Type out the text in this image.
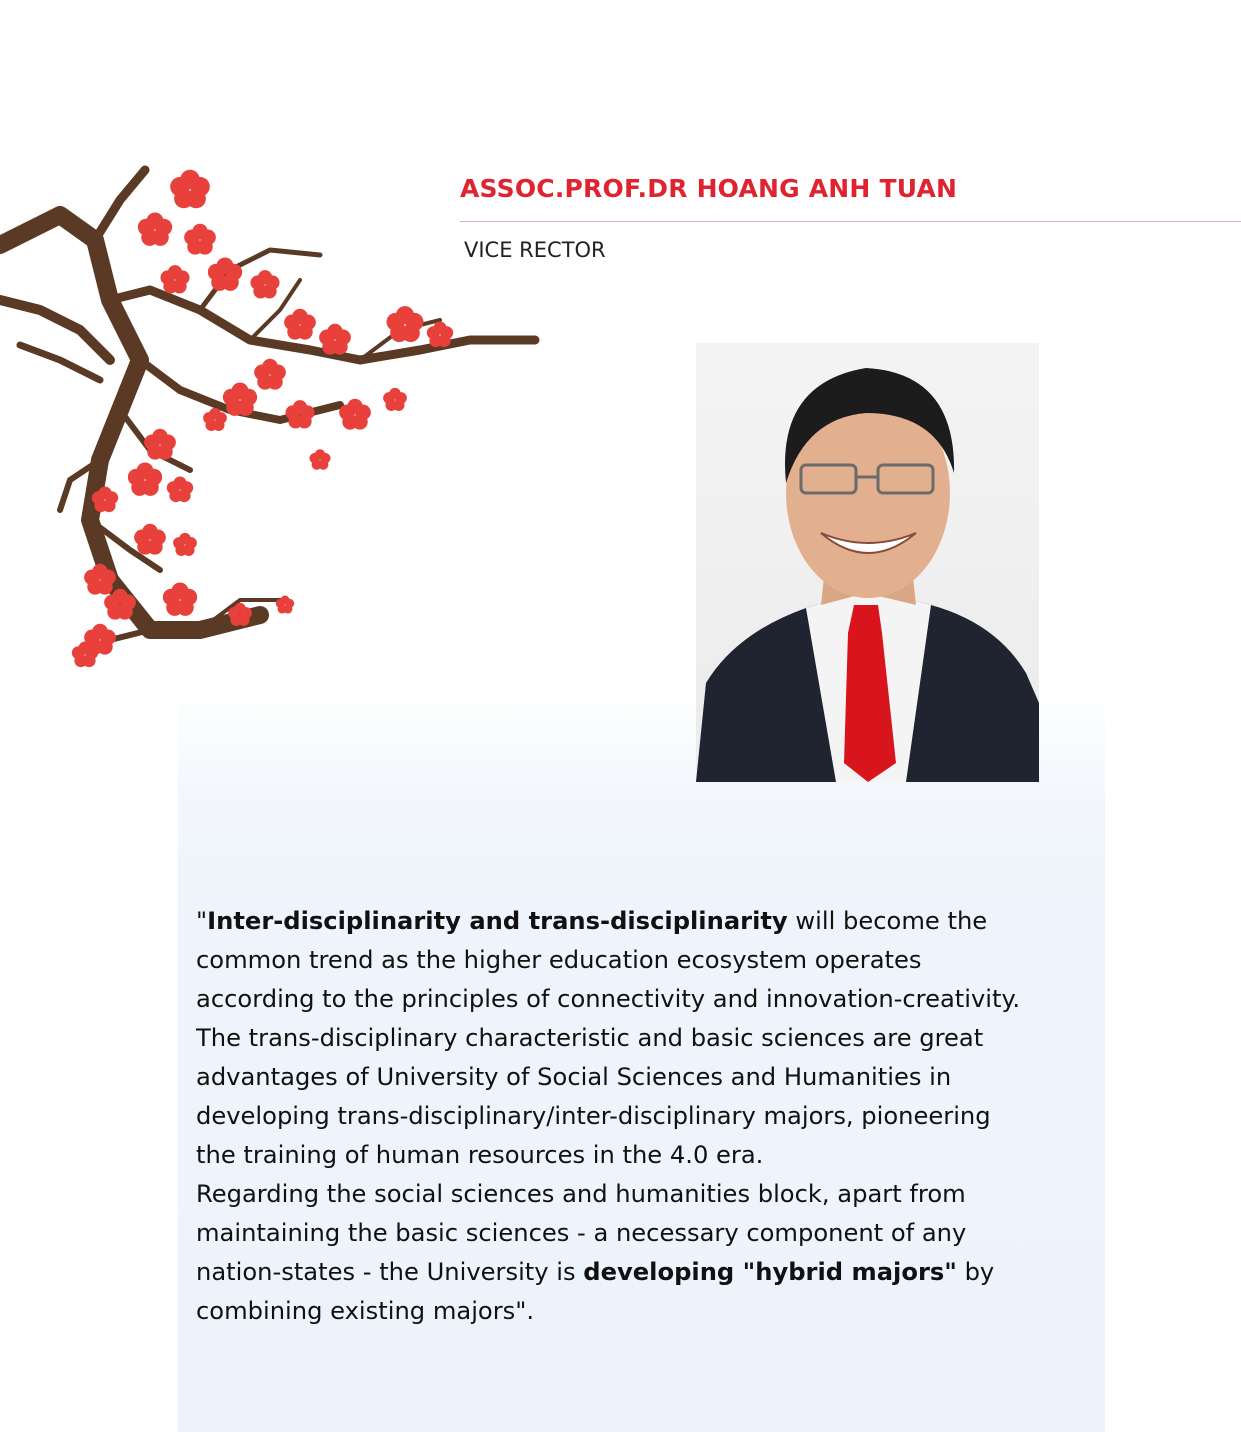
ASSOC.PROF.DR HOANG ANH TUAN
VICE RECTOR

"Inter-disciplinarity and trans-disciplinarity will become the

common trend as the higher education ecosystem operates

according to the principles of connectivity and innovation-creativity.

The trans-disciplinary characteristic and basic sciences are great

advantages of University of Social Sciences and Humanities in

developing trans-disciplinary/inter-disciplinary majors, pioneering

the training of human resources in the 4.0 era.

Regarding the social sciences and humanities block, apart from

maintaining the basic sciences - a necessary component of any

nation-states - the University is developing "hybrid majors" by

combining existing majors".
